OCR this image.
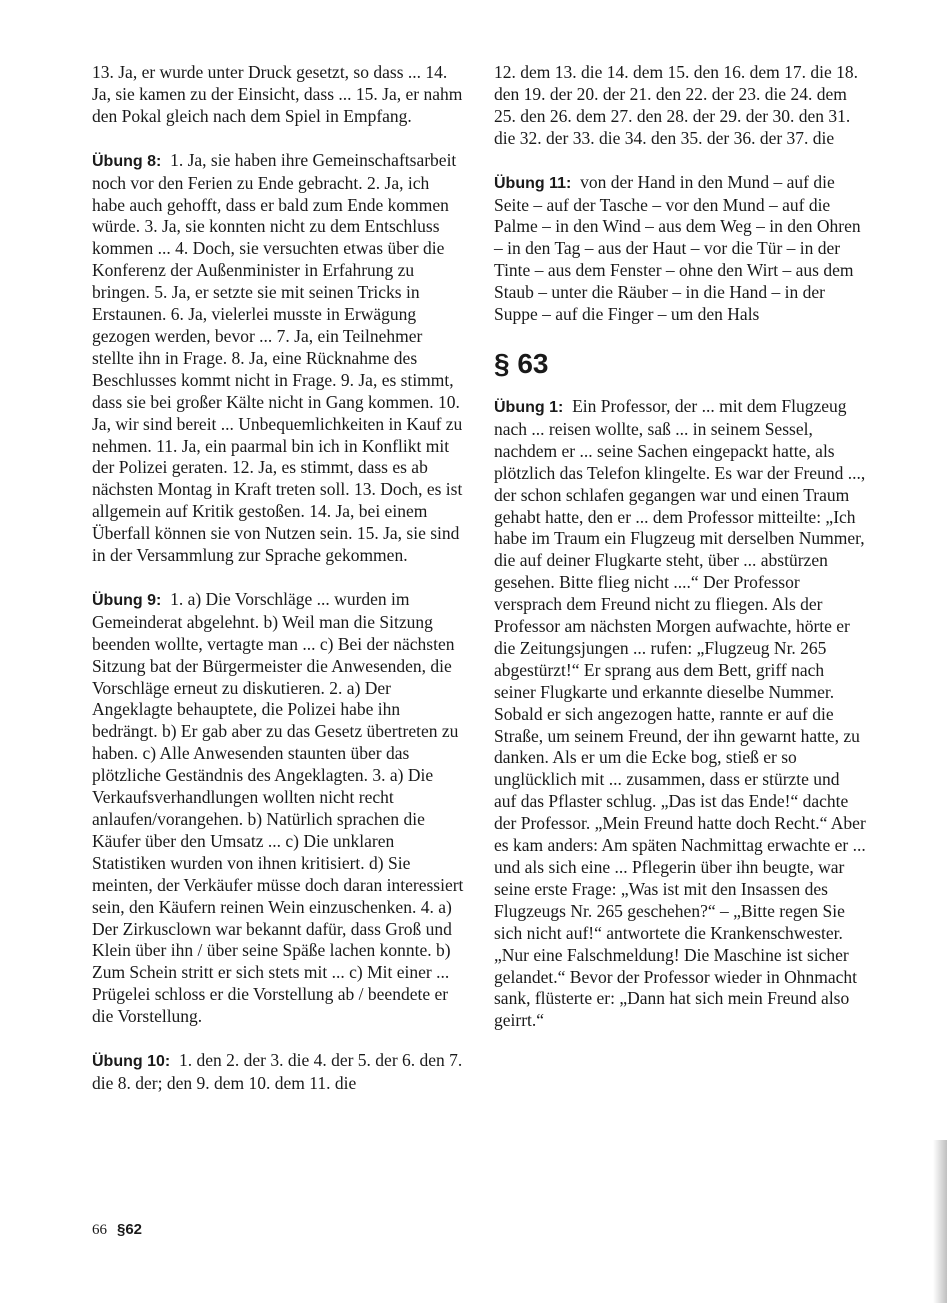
13. Ja, er wurde unter Druck gesetzt, so dass ... 14. Ja, sie kamen zu der Einsicht, dass ... 15. Ja, er nahm den Pokal gleich nach dem Spiel in Empfang.

Übung 8: 1. Ja, sie haben ihre Gemeinschaftsarbeit noch vor den Ferien zu Ende gebracht. 2. Ja, ich habe auch gehofft, dass er bald zum Ende kommen würde. 3. Ja, sie konnten nicht zu dem Entschluss kommen ... 4. Doch, sie versuchten etwas über die Konferenz der Außenminister in Erfahrung zu bringen. 5. Ja, er setzte sie mit seinen Tricks in Erstaunen. 6. Ja, vielerlei musste in Erwägung gezogen werden, bevor ... 7. Ja, ein Teilnehmer stellte ihn in Frage. 8. Ja, eine Rücknahme des Beschlusses kommt nicht in Frage. 9. Ja, es stimmt, dass sie bei großer Kälte nicht in Gang kommen. 10. Ja, wir sind bereit ... Unbequemlichkeiten in Kauf zu nehmen. 11. Ja, ein paarmal bin ich in Konflikt mit der Polizei geraten. 12. Ja, es stimmt, dass es ab nächsten Montag in Kraft treten soll. 13. Doch, es ist allgemein auf Kritik gestoßen. 14. Ja, bei einem Überfall können sie von Nutzen sein. 15. Ja, sie sind in der Versammlung zur Sprache gekommen.

Übung 9: 1. a) Die Vorschläge ... wurden im Gemeinderat abgelehnt. b) Weil man die Sitzung beenden wollte, vertagte man ... c) Bei der nächsten Sitzung bat der Bürgermeister die Anwesenden, die Vorschläge erneut zu diskutieren. 2. a) Der Angeklagte behauptete, die Polizei habe ihn bedrängt. b) Er gab aber zu das Gesetz übertreten zu haben. c) Alle Anwesenden staunten über das plötzliche Geständnis des Angeklagten. 3. a) Die Verkaufsverhandlungen wollten nicht recht anlaufen/vorangehen. b) Natürlich sprachen die Käufer über den Umsatz ... c) Die unklaren Statistiken wurden von ihnen kritisiert. d) Sie meinten, der Verkäufer müsse doch daran interessiert sein, den Käufern reinen Wein einzuschenken. 4. a) Der Zirkusclown war bekannt dafür, dass Groß und Klein über ihn / über seine Späße lachen konnte. b) Zum Schein stritt er sich stets mit ... c) Mit einer ... Prügelei schloss er die Vorstellung ab / beendete er die Vorstellung.

Übung 10: 1. den 2. der 3. die 4. der 5. der 6. den 7. die 8. der; den 9. dem 10. dem 11. die

12. dem 13. die 14. dem 15. den 16. dem 17. die 18. den 19. der 20. der 21. den 22. der 23. die 24. dem 25. den 26. dem 27. den 28. der 29. der 30. den 31. die 32. der 33. die 34. den 35. der 36. der 37. die

Übung 11: von der Hand in den Mund – auf die Seite – auf der Tasche – vor den Mund – auf die Palme – in den Wind – aus dem Weg – in den Ohren – in den Tag – aus der Haut – vor die Tür – in der Tinte – aus dem Fenster – ohne den Wirt – aus dem Staub – unter die Räuber – in die Hand – in der Suppe – auf die Finger – um den Hals

§ 63

Übung 1: Ein Professor, der ... mit dem Flugzeug nach ... reisen wollte, saß ... in seinem Sessel, nachdem er ... seine Sachen eingepackt hatte, als plötzlich das Telefon klingelte. Es war der Freund ..., der schon schlafen gegangen war und einen Traum gehabt hatte, den er ... dem Professor mitteilte: „Ich habe im Traum ein Flugzeug mit derselben Nummer, die auf deiner Flugkarte steht, über ... abstürzen gesehen. Bitte flieg nicht ....“ Der Professor versprach dem Freund nicht zu fliegen. Als der Professor am nächsten Morgen aufwachte, hörte er die Zeitungsjungen ... rufen: „Flugzeug Nr. 265 abgestürzt!“ Er sprang aus dem Bett, griff nach seiner Flugkarte und erkannte dieselbe Nummer. Sobald er sich angezogen hatte, rannte er auf die Straße, um seinem Freund, der ihn gewarnt hatte, zu danken. Als er um die Ecke bog, stieß er so unglücklich mit ... zusammen, dass er stürzte und auf das Pflaster schlug. „Das ist das Ende!“ dachte der Professor. „Mein Freund hatte doch Recht.“ Aber es kam anders: Am späten Nachmittag erwachte er ... und als sich eine ... Pflegerin über ihn beugte, war seine erste Frage: „Was ist mit den Insassen des Flugzeugs Nr. 265 geschehen?“ – „Bitte regen Sie sich nicht auf!“ antwortete die Krankenschwester. „Nur eine Falschmeldung! Die Maschine ist sicher gelandet.“ Bevor der Professor wieder in Ohnmacht sank, flüsterte er: „Dann hat sich mein Freund also geirrt.“

66 §62
